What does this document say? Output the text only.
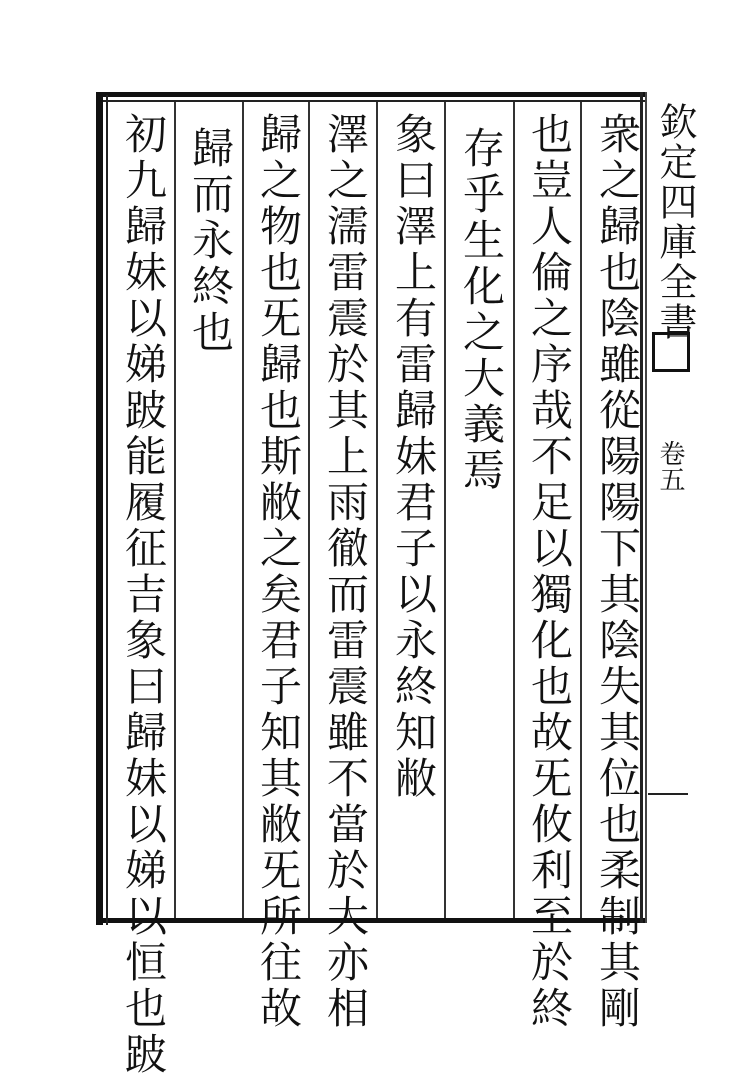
欽定四庫全書
卷五
衆之歸也陰雖從陽陽下其陰失其位也柔制其剛
也豈人倫之序哉不足以獨化也故旡攸利至於終
存乎生化之大義焉
象曰澤上有雷歸妹君子以永終知敝
澤之濡雷震於其上雨徹而雷震雖不當於大亦相
歸之物也旡歸也斯敝之矣君子知其敝旡所往故
歸而永終也
初九歸妹以娣跛能履征吉象曰歸妹以娣以恒也跛
